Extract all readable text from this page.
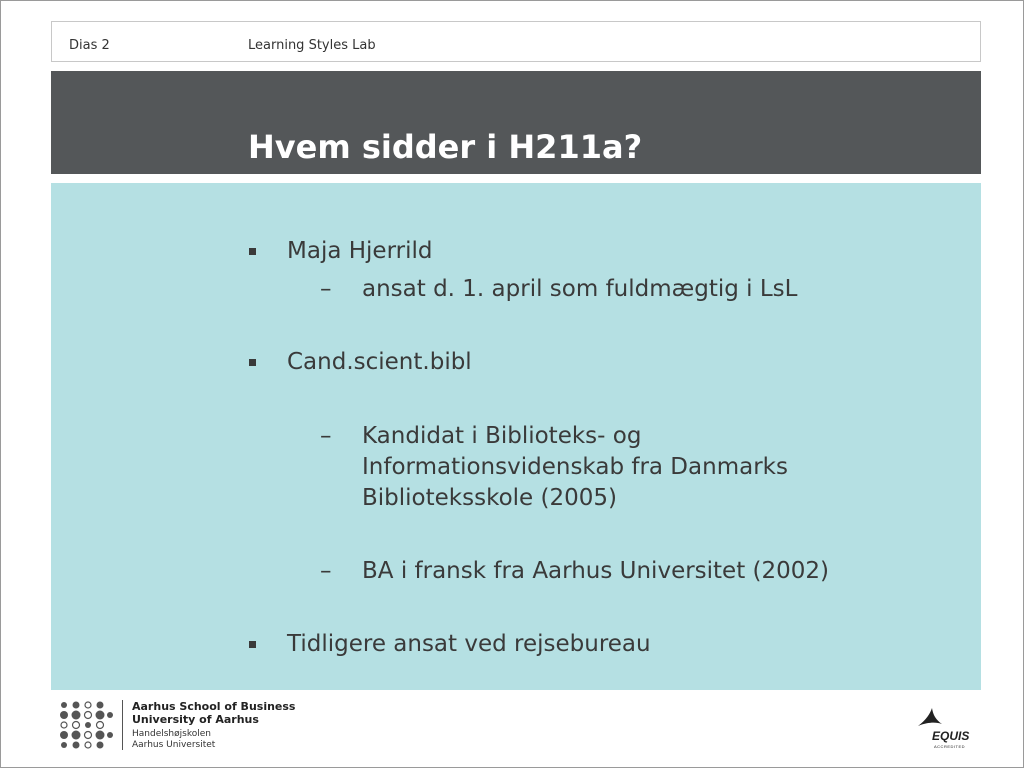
Dias 2	Learning Styles Lab
Hvem sidder i H211a?
Maja Hjerrild
– ansat d. 1. april som fuldmægtig i LsL
Cand.scient.bibl
– Kandidat i Biblioteks- og Informationsvidenskab fra Danmarks Biblioteksskole (2005)
– BA i fransk fra Aarhus Universitet (2002)
Tidligere ansat ved rejsebureau
Aarhus School of Business
University of Aarhus
Handelshøjskolen
Aarhus Universitet
EQUIS
ACCREDITED
